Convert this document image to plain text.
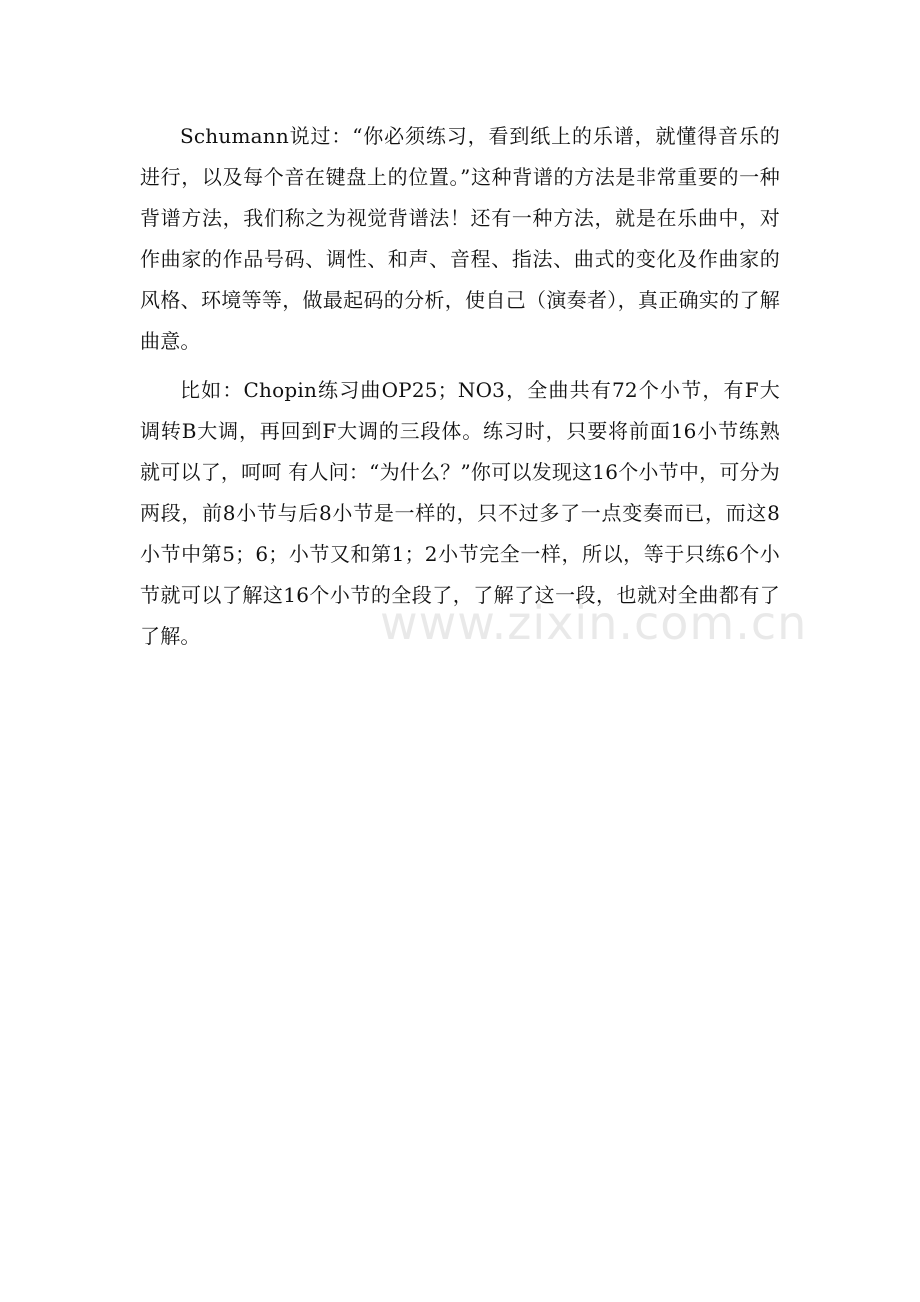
Schumann说过：“你必须练习，看到纸上的乐谱，就懂得音乐的进行，以及每个音在键盘上的位置。”这种背谱的方法是非常重要的一种背谱方法，我们称之为视觉背谱法！还有一种方法，就是在乐曲中，对作曲家的作品号码、调性、和声、音程、指法、曲式的变化及作曲家的风格、环境等等，做最起码的分析，使自己（演奏者），真正确实的了解曲意。

比如：Chopin练习曲OP25；NO3，全曲共有72个小节，有F大调转B大调，再回到F大调的三段体。练习时，只要将前面16小节练熟就可以了，呵呵 有人问：“为什么？”你可以发现这16个小节中，可分为两段，前8小节与后8小节是一样的，只不过多了一点变奏而已，而这8小节中第5；6；小节又和第1；2小节完全一样，所以，等于只练6个小节就可以了解这16个小节的全段了，了解了这一段，也就对全曲都有了了解。	www.zixin.com.cn
